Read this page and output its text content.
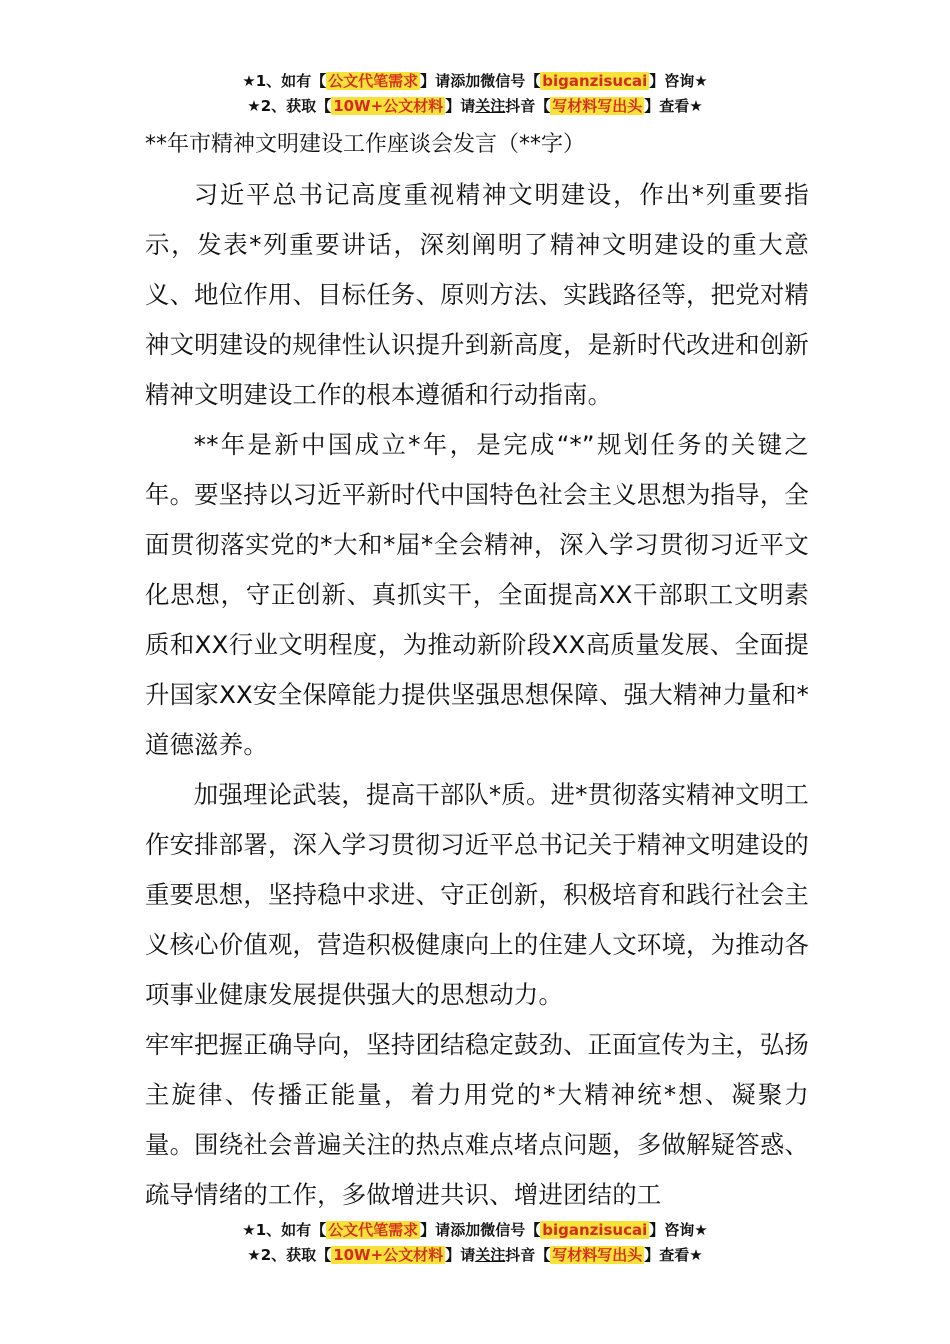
★1、如有【 公文代笔需求 】请添加微信号【 biganzisucai 】咨询★
★2、获取【 10W+公文材料 】请关注抖音【 写材料写出头 】查看★
**年市精神文明建设工作座谈会发言（**字）

习近平总书记高度重视精神文明建设，作出*列重要指示，发表*列重要讲话，深刻阐明了精神文明建设的重大意义、地位作用、目标任务、原则方法、实践路径等，把党对精神文明建设的规律性认识提升到新高度，是新时代改进和创新精神文明建设工作的根本遵循和行动指南。

**年是新中国成立*年，是完成“*”规划任务的关键之年。要坚持以习近平新时代中国特色社会主义思想为指导，全面贯彻落实党的*大和*届*全会精神，深入学习贯彻习近平文化思想，守正创新、真抓实干，全面提高XX干部职工文明素质和XX行业文明程度，为推动新阶段XX高质量发展、全面提升国家XX安全保障能力提供坚强思想保障、强大精神力量和*道德滋养。

加强理论武装，提高干部队*质。进*贯彻落实精神文明工作安排部署，深入学习贯彻习近平总书记关于精神文明建设的重要思想，坚持稳中求进、守正创新，积极培育和践行社会主义核心价值观，营造积极健康向上的住建人文环境，为推动各项事业健康发展提供强大的思想动力。

牢牢把握正确导向，坚持团结稳定鼓劲、正面宣传为主，弘扬主旋律、传播正能量，着力用党的*大精神统*想、凝聚力量。围绕社会普遍关注的热点难点堵点问题，多做解疑答惑、疏导情绪的工作，多做增进共识、增进团结的工

★1、如有【 公文代笔需求 】请添加微信号【 biganzisucai 】咨询★
★2、获取【 10W+公文材料 】请关注抖音【 写材料写出头 】查看★
